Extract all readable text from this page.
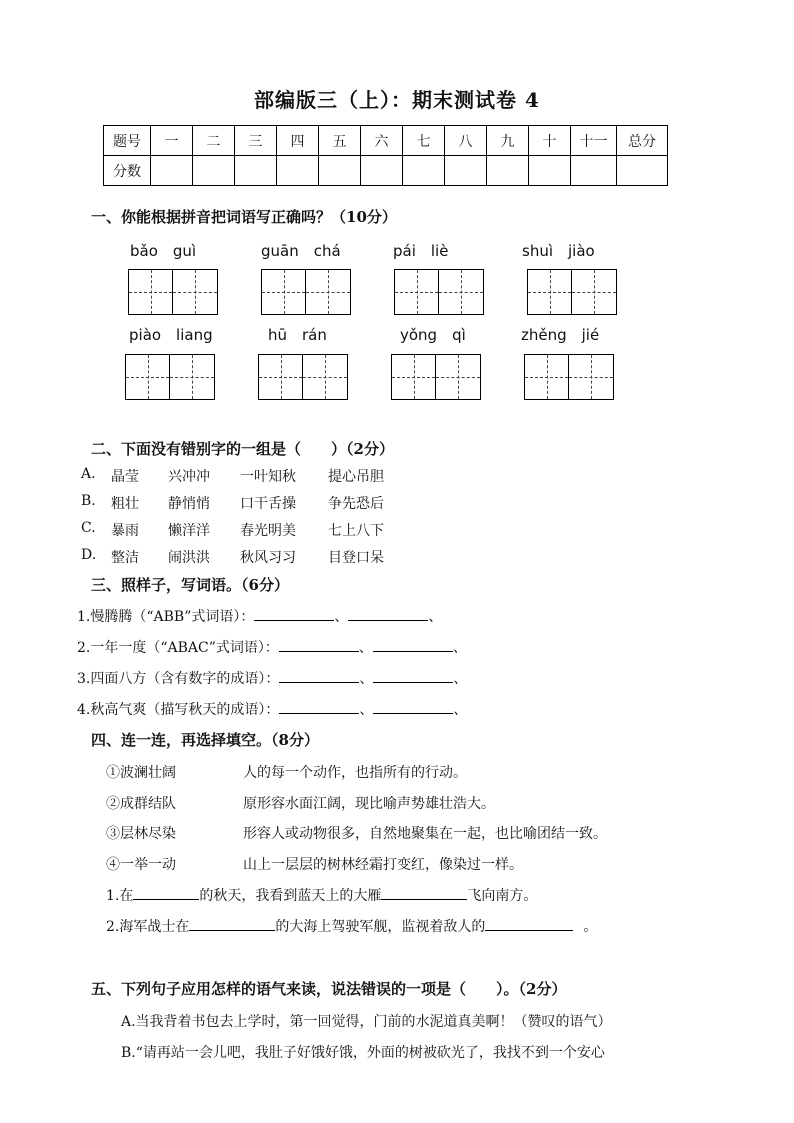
部编版三（上）：期末测试卷 4
题号	一	二	三	四	五	六	七	八	九	十	十一	总分
分数												
一、你能根据拼音把词语写正确吗？（10分）
bǎo　guì	guān　chá	pái　liè	shuì　jiào
piào　liang	hū　rán	yǒng　qì	zhěng　jié
二、下面没有错别字的一组是（　　）（2分）
A. 晶莹 兴冲冲 一叶知秋 提心吊胆
B. 粗壮 静悄悄 口干舌操 争先恐后
C. 暴雨 懒洋洋 春光明美 七上八下
D. 整洁 闹洪洪 秋风习习 目登口呆
三、照样子，写词语。（6分）
1.慢腾腾（“ABB”式词语）：	、	、
2.一年一度（“ABAC”式词语）：	、	、
3.四面八方（含有数字的成语）：	、	、
4.秋高气爽（描写秋天的成语）：	、	、
四、连一连，再选择填空。（8分）
①波澜壮阔	人的每一个动作，也指所有的行动。
②成群结队	原形容水面江阔，现比喻声势雄壮浩大。
③层林尽染	形容人或动物很多，自然地聚集在一起，也比喻团结一致。
④一举一动	山上一层层的树林经霜打变红，像染过一样。
1.在	的秋天，我看到蓝天上的大雁	飞向南方。
2.海军战士在	的大海上驾驶军舰，监视着敌人的	。
五、下列句子应用怎样的语气来读，说法错误的一项是（　　）。（2分）
A.当我背着书包去上学时，第一回觉得，门前的水泥道真美啊！（赞叹的语气）
B.“请再站一会儿吧，我肚子好饿好饿，外面的树被砍光了，我找不到一个安心
